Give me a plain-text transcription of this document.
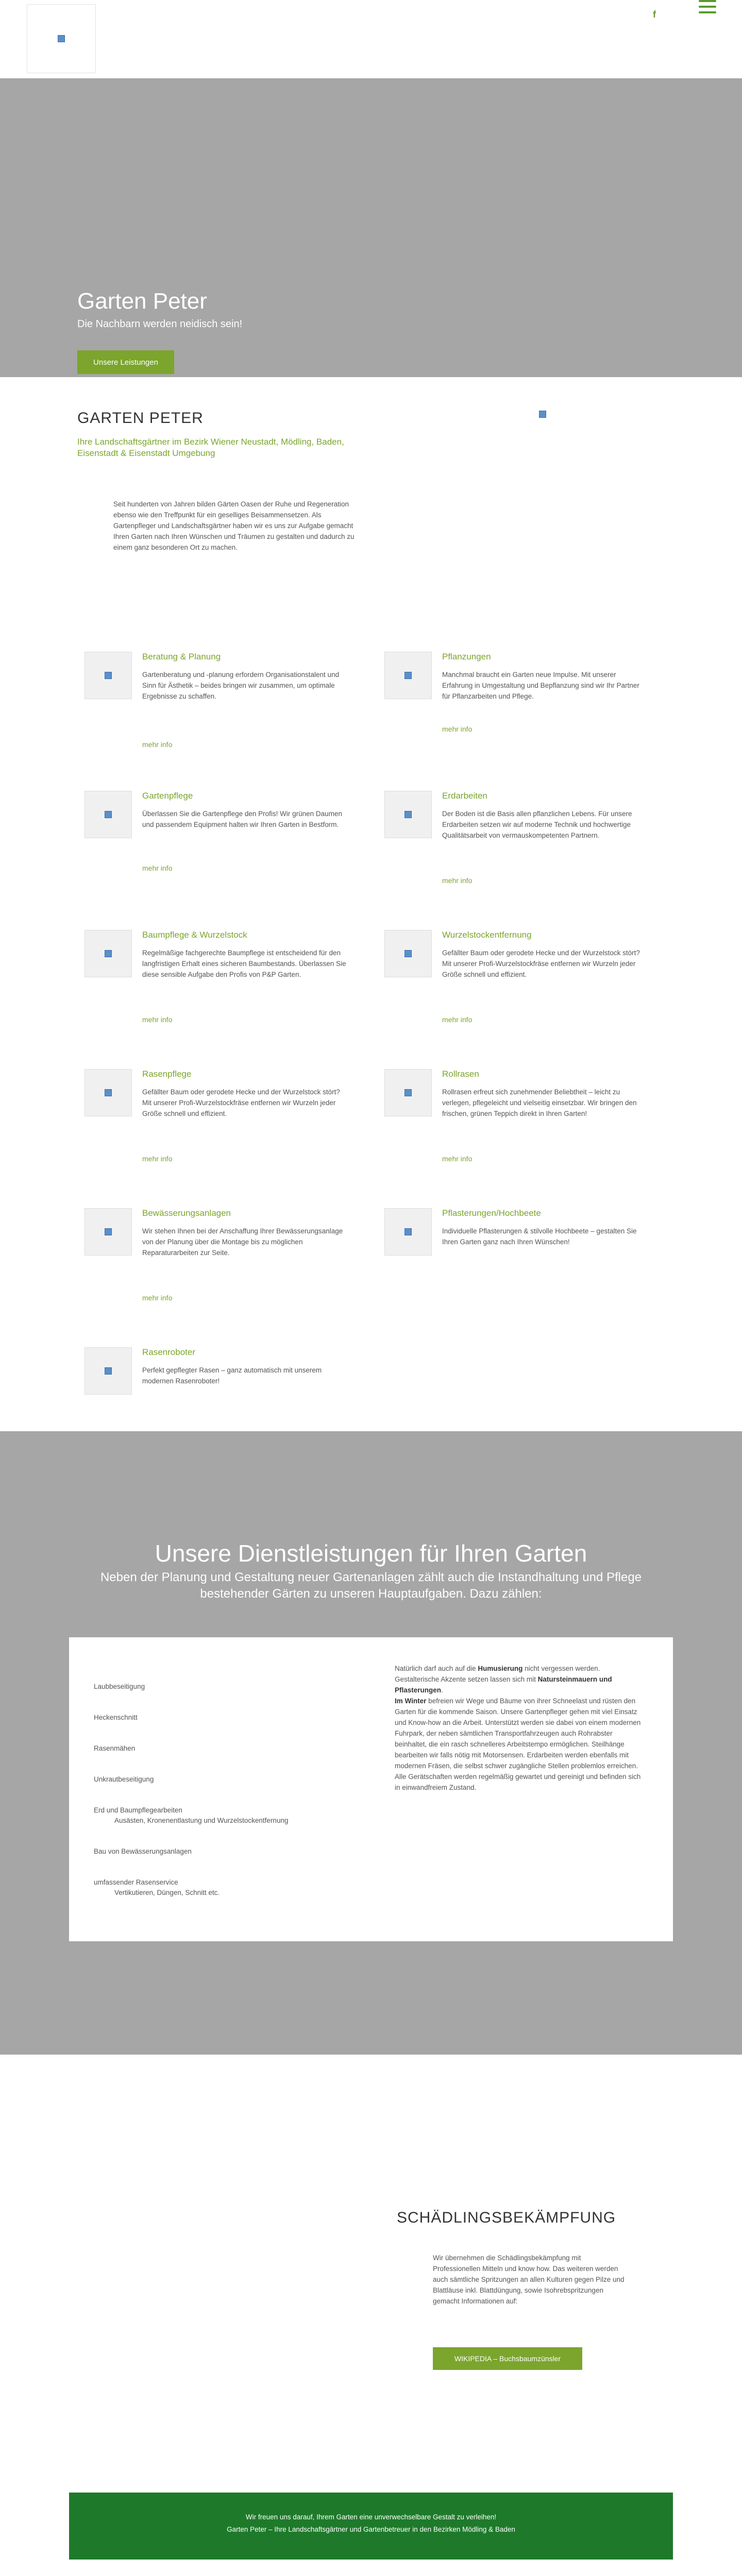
f
Garten Peter

Die Nachbarn werden neidisch sein!

Unsere Leistungen
GARTEN PETER
Ihre Landschaftsgärtner im Bezirk Wiener Neustadt, Mödling, Baden, Eisenstadt & Eisenstadt Umgebung
Seit hunderten von Jahren bilden Gärten Oasen der Ruhe und Regeneration ebenso wie den Treffpunkt für ein geselliges Beisammensetzen. Als Gartenpfleger und Landschaftsgärtner haben wir es uns zur Aufgabe gemacht Ihren Garten nach Ihren Wünschen und Träumen zu gestalten und dadurch zu einem ganz besonderen Ort zu machen.
Beratung & Planung

Gartenberatung und -planung erfordern Organisationstalent und Sinn für Ästhetik – beides bringen wir zusammen, um optimale Ergebnisse zu schaffen.

mehr info
Pflanzungen

Manchmal braucht ein Garten neue Impulse. Mit unserer Erfahrung in Umgestaltung und Bepflanzung sind wir Ihr Partner für Pflanzarbeiten und Pflege.

mehr info
Gartenpflege

Überlassen Sie die Gartenpflege den Profis! Wir grünen Daumen und passendem Equipment halten wir Ihren Garten in Bestform.

mehr info
Erdarbeiten

Der Boden ist die Basis allen pflanzlichen Lebens. Für unsere Erdarbeiten setzen wir auf moderne Technik und hochwertige Qualitätsarbeit von vermauskompetenten Partnern.

mehr info
Baumpflege & Wurzelstock

Regelmäßige fachgerechte Baumpflege ist entscheidend für den langfristigen Erhalt eines sicheren Baumbestands. Überlassen Sie diese sensible Aufgabe den Profis von P&P Garten.

mehr info
Wurzelstockentfernung

Gefällter Baum oder gerodete Hecke und der Wurzelstock stört? Mit unserer Profi-Wurzelstockfräse entfernen wir Wurzeln jeder Größe schnell und effizient.

mehr info
Rasenpflege

Gefällter Baum oder gerodete Hecke und der Wurzelstock stört? Mit unserer Profi-Wurzelstockfräse entfernen wir Wurzeln jeder Größe schnell und effizient.

mehr info
Rollrasen

Rollrasen erfreut sich zunehmender Beliebtheit – leicht zu verlegen, pflegeleicht und vielseitig einsetzbar. Wir bringen den frischen, grünen Teppich direkt in Ihren Garten!

mehr info
Bewässerungsanlagen

Wir stehen Ihnen bei der Anschaffung Ihrer Bewässerungsanlage von der Planung über die Montage bis zu möglichen Reparaturarbeiten zur Seite.

mehr info
Pflasterungen/Hochbeete

Individuelle Pflasterungen & stilvolle Hochbeete – gestalten Sie Ihren Garten ganz nach Ihren Wünschen!

Rasenroboter

Perfekt gepflegter Rasen – ganz automatisch mit unserem modernen Rasenroboter!

Unsere Dienstleistungen für Ihren Garten
Neben der Planung und Gestaltung neuer Gartenanlagen zählt auch die Instandhaltung und Pflege bestehender Gärten zu unseren Hauptaufgaben. Dazu zählen:
Laubbeseitigung
Heckenschnitt
Rasenmähen
Unkrautbeseitigung
Erd und Baumpflegearbeiten
Ausästen, Kronenentlastung und Wurzelstockentfernung
Bau von Bewässerungsanlagen
umfassender Rasenservice
Vertikutieren, Düngen, Schnitt etc.
Natürlich darf auch auf die Humusierung nicht vergessen werden. Gestalterische Akzente setzen lassen sich mit Natursteinmauern und Pflasterungen.
Im Winter befreien wir Wege und Bäume von ihrer Schneelast und rüsten den Garten für die kommende Saison. Unsere Gartenpfleger gehen mit viel Einsatz und Know-how an die Arbeit. Unterstützt werden sie dabei von einem modernen Fuhrpark, der neben sämtlichen Transportfahrzeugen auch Rohrabster beinhaltet, die ein rasch schnelleres Arbeitstempo ermöglichen. Steilhänge bearbeiten wir falls nötig mit Motorsensen. Erdarbeiten werden ebenfalls mit modernen Fräsen, die selbst schwer zugängliche Stellen problemlos erreichen. Alle Gerätschaften werden regelmäßig gewartet und gereinigt und befinden sich in einwandfreiem Zustand.
SCHÄDLINGSBEKÄMPFUNG
Wir übernehmen die Schädlingsbekämpfung mit Professionellen Mitteln und know how. Das weiteren werden auch sämtliche Spritzungen an allen Kulturen gegen Pilze und Blattläuse inkl. Blattdüngung, sowie Isohrebspritzungen gemacht Informationen auf:
WIKIPEDIA – Buchsbaumzünsler
Wir freuen uns darauf, Ihrem Garten eine unverwechselbare Gestalt zu verleihen!
Garten Peter – Ihre Landschaftsgärtner und Gartenbetreuer in den Bezirken Mödling & Baden
